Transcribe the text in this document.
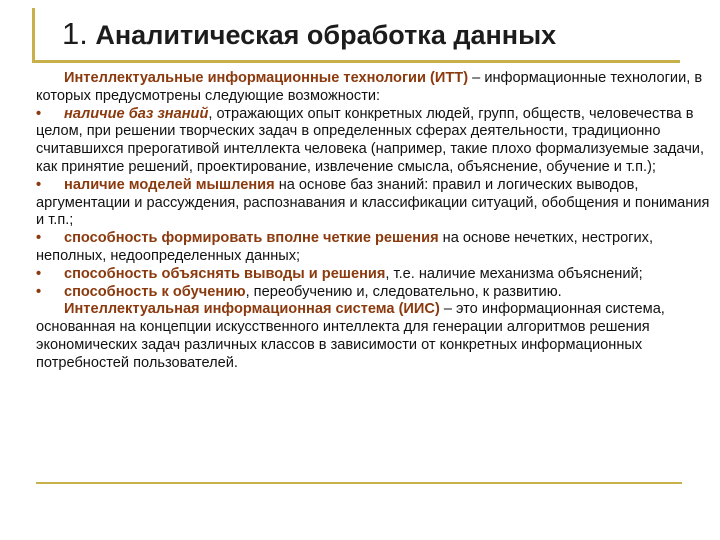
1. Аналитическая обработка данных

Интеллектуальные информационные технологии (ИТТ) – информационные технологии, в которых предусмотрены следующие возможности:

• наличие баз знаний, отражающих опыт конкретных людей, групп, обществ, человечества в целом, при решении творческих задач в определенных сферах деятельности, традиционно считавшихся прерогативой интеллекта человека (например, такие плохо формализуемые задачи, как принятие решений, проектирование, извлечение смысла, объяснение, обучение и т.п.);

• наличие моделей мышления на основе баз знаний: правил и логических выводов, аргументации и рассуждения, распознавания и классификации ситуаций, обобщения и понимания и т.п.;

• способность формировать вполне четкие решения на основе нечетких, нестрогих, неполных, недоопределенных данных;

• способность объяснять выводы и решения, т.е. наличие механизма объяснений;

• способность к обучению, переобучению и, следовательно, к развитию.

Интеллектуальная информационная система (ИИС) – это информационная система, основанная на концепции искусственного интеллекта для генерации алгоритмов решения экономических задач различных классов в зависимости от конкретных информационных потребностей пользователей.
